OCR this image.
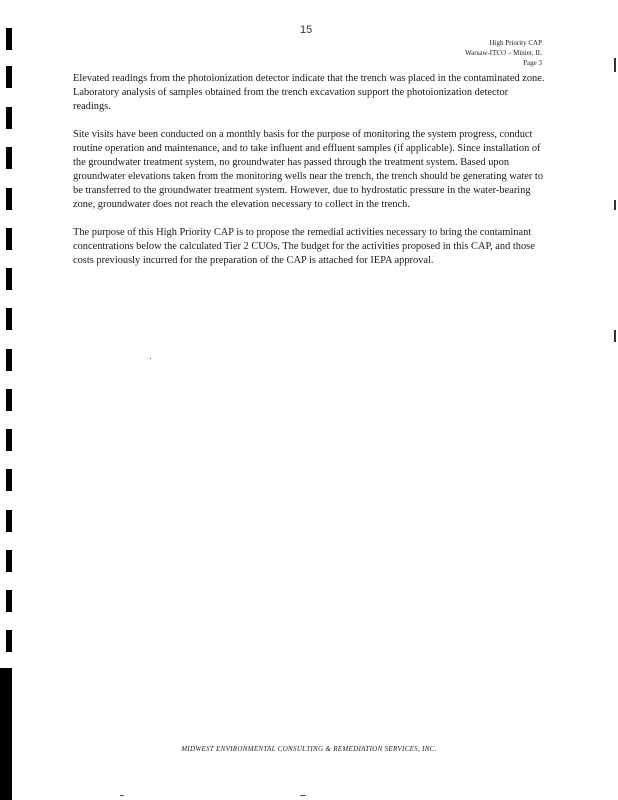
15
High Priority CAP
Warsaw-ITCO – Minier, IL
Page 3

Elevated readings from the photoionization detector indicate that the trench was placed in the contaminated zone. Laboratory analysis of samples obtained from the trench excavation support the photoionization detector readings.

Site visits have been conducted on a monthly basis for the purpose of monitoring the system progress, conduct routine operation and maintenance, and to take influent and effluent samples (if applicable). Since installation of the groundwater treatment system, no groundwater has passed through the treatment system. Based upon groundwater elevations taken from the monitoring wells near the trench, the trench should be generating water to be transferred to the groundwater treatment system. However, due to hydrostatic pressure in the water-bearing zone, groundwater does not reach the elevation necessary to collect in the trench.

The purpose of this High Priority CAP is to propose the remedial activities necessary to bring the contaminant concentrations below the calculated Tier 2 CUOs. The budget for the activities proposed in this CAP, and those costs previously incurred for the preparation of the CAP is attached for IEPA approval.

MIDWEST ENVIRONMENTAL CONSULTING & REMEDIATION SERVICES, INC.
